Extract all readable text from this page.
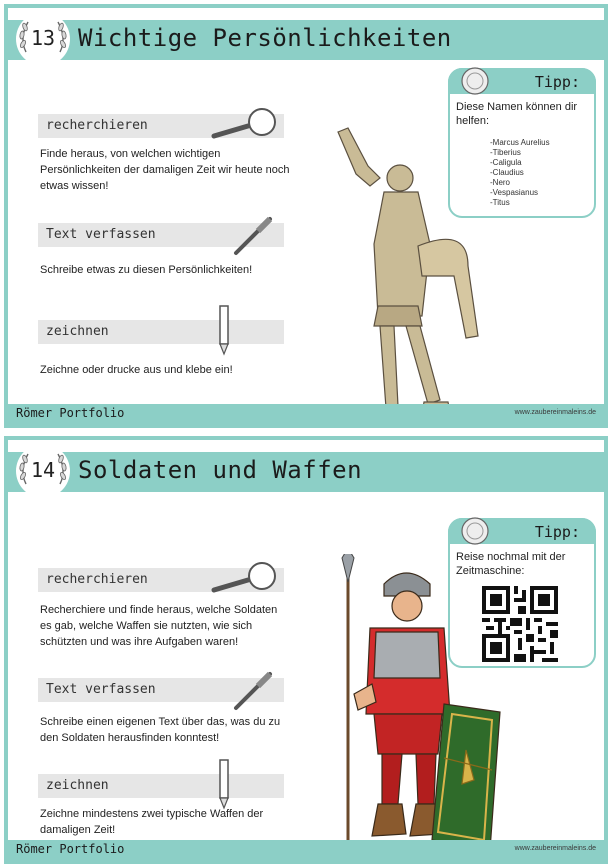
Wichtige Persönlichkeiten
13
recherchieren
Finde heraus, von welchen wichtigen Persönlichkeiten der damaligen Zeit wir heute noch etwas wissen!
Text verfassen
Schreibe etwas zu diesen Persönlichkeiten!
zeichnen
Zeichne oder drucke aus und klebe ein!
Tipp:
Diese Namen können dir helfen:
-Marcus Aurelius
-Tiberius
-Caligula
-Claudius
-Nero
-Vespasianus
-Titus
Römer Portfolio	www.zaubereinmaleins.de
Soldaten und Waffen
14
recherchieren
Recherchiere und finde heraus, welche Soldaten es gab, welche Waffen sie nutzten, wie sich schützten und was ihre Aufgaben waren!
Text verfassen
Schreibe einen eigenen Text über das, was du zu den Soldaten herausfinden konntest!
zeichnen
Zeichne mindestens zwei typische Waffen der damaligen Zeit!
Tipp:
Reise nochmal mit der Zeitmaschine:
Römer Portfolio	www.zaubereinmaleins.de
